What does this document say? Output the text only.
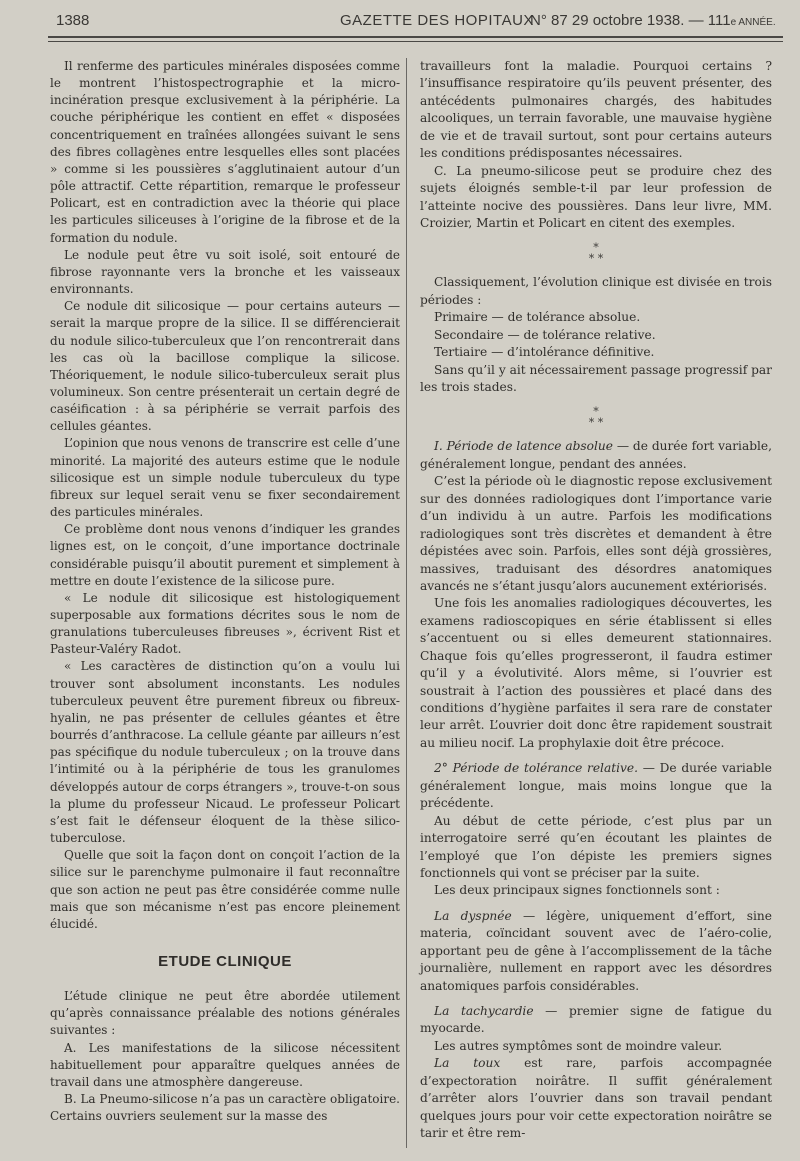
1388	GAZETTE DES HOPITAUX
N° 87 29 octobre 1938. — 111e ANNÉE.

Il renferme des particules minérales disposées comme le montrent l’histospectrographie et la micro-incinération presque exclusivement à la périphérie. La couche périphérique les contient en effet « disposées concentriquement en traînées allongées suivant le sens des fibres collagènes entre lesquelles elles sont placées » comme si les poussières s’agglutinaient autour d’un pôle attractif. Cette répartition, remarque le professeur Policart, est en contradiction avec la théorie qui place les particules siliceuses à l’origine de la fibrose et de la formation du nodule.

Le nodule peut être vu soit isolé, soit entouré de fibrose rayonnante vers la bronche et les vaisseaux environnants.

Ce nodule dit silicosique — pour certains auteurs — serait la marque propre de la silice. Il se différencierait du nodule silico-tuberculeux que l’on rencontrerait dans les cas où la bacillose complique la silicose. Théoriquement, le nodule silico-tuberculeux serait plus volumineux. Son centre présenterait un certain degré de caséification : à sa périphérie se verrait parfois des cellules géantes.

L’opinion que nous venons de transcrire est celle d’une minorité. La majorité des auteurs estime que le nodule silicosique est un simple nodule tuberculeux du type fibreux sur lequel serait venu se fixer secondairement des particules minérales.

Ce problème dont nous venons d’indiquer les grandes lignes est, on le conçoit, d’une importance doctrinale considérable puisqu’il aboutit purement et simplement à mettre en doute l’existence de la silicose pure.

« Le nodule dit silicosique est histologiquement superposable aux formations décrites sous le nom de granulations tuberculeuses fibreuses », écrivent Rist et Pasteur-Valéry Radot.

« Les caractères de distinction qu’on a voulu lui trouver sont absolument inconstants. Les nodules tuberculeux peuvent être purement fibreux ou fibreux-hyalin, ne pas présenter de cellules géantes et être bourrés d’anthracose. La cellule géante par ailleurs n’est pas spécifique du nodule tuberculeux ; on la trouve dans l’intimité ou à la périphérie de tous les granulomes développés autour de corps étrangers », trouve-t-on sous la plume du professeur Nicaud. Le professeur Policart s’est fait le défenseur éloquent de la thèse silico-tuberculose.

Quelle que soit la façon dont on conçoit l’action de la silice sur le parenchyme pulmonaire il faut reconnaître que son action ne peut pas être considérée comme nulle mais que son mécanisme n’est pas encore pleinement élucidé.

ETUDE CLINIQUE

L’étude clinique ne peut être abordée utilement qu’après connaissance préalable des notions générales suivantes :

A. Les manifestations de la silicose nécessitent habituellement pour apparaître quelques années de travail dans une atmosphère dangereuse.

B. La Pneumo-silicose n’a pas un caractère obligatoire. Certains ouvriers seulement sur la masse des

travailleurs font la maladie. Pourquoi certains ? l’insuffisance respiratoire qu’ils peuvent présenter, des antécédents pulmonaires chargés, des habitudes alcooliques, un terrain favorable, une mauvaise hygiène de vie et de travail surtout, sont pour certains auteurs les conditions prédisposantes nécessaires.

C. La pneumo-silicose peut se produire chez des sujets éloignés semble-t-il par leur profession de l’atteinte nocive des poussières. Dans leur livre, MM. Croizier, Martin et Policart en citent des exemples.

*
* *

Classiquement, l’évolution clinique est divisée en trois périodes :

Primaire — de tolérance absolue.

Secondaire — de tolérance relative.

Tertiaire — d’intolérance définitive.

Sans qu’il y ait nécessairement passage progressif par les trois stades.

*
* *

I. Période de latence absolue — de durée fort variable, généralement longue, pendant des années.

C’est la période où le diagnostic repose exclusivement sur des données radiologiques dont l’importance varie d’un individu à un autre. Parfois les modifications radiologiques sont très discrètes et demandent à être dépistées avec soin. Parfois, elles sont déjà grossières, massives, traduisant des désordres anatomiques avancés ne s’étant jusqu’alors aucunement extériorisés.

Une fois les anomalies radiologiques découvertes, les examens radioscopiques en série établissent si elles s’accentuent ou si elles demeurent stationnaires. Chaque fois qu’elles progresseront, il faudra estimer qu’il y a évolutivité. Alors même, si l’ouvrier est soustrait à l’action des poussières et placé dans des conditions d’hygiène parfaites il sera rare de constater leur arrêt. L’ouvrier doit donc être rapidement soustrait au milieu nocif. La prophylaxie doit être précoce.

2° Période de tolérance relative. — De durée variable généralement longue, mais moins longue que la précédente.

Au début de cette période, c’est plus par un interrogatoire serré qu’en écoutant les plaintes de l’employé que l’on dépiste les premiers signes fonctionnels qui vont se préciser par la suite.

Les deux principaux signes fonctionnels sont :

La dyspnée — légère, uniquement d’effort, sine materia, coïncidant souvent avec de l’aéro-colie, apportant peu de gêne à l’accomplissement de la tâche journalière, nullement en rapport avec les désordres anatomiques parfois considérables.

La tachycardie — premier signe de fatigue du myocarde.

Les autres symptômes sont de moindre valeur.

La toux est rare, parfois accompagnée d’expectoration noirâtre. Il suffit généralement d’arrêter alors l’ouvrier dans son travail pendant quelques jours pour voir cette expectoration noirâtre se tarir et être rem-
